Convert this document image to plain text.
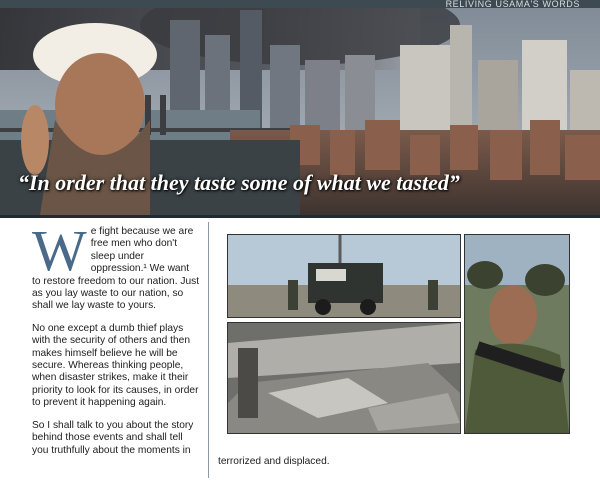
RELIVING USAMA'S WORDS
“In order that they taste some of what we tasted”

We fight because we are free men who don't sleep under oppression.¹ We want to restore freedom to our nation. Just as you lay waste to our nation, so shall we lay waste to yours.

No one except a dumb thief plays with the security of others and then makes himself believe he will be secure. Whereas thinking people, when disaster strikes, make it their priority to look for its causes, in order to prevent it happening again.

So I shall talk to you about the story behind those events and shall tell you truthfully about the moments in

terrorized and displaced.
